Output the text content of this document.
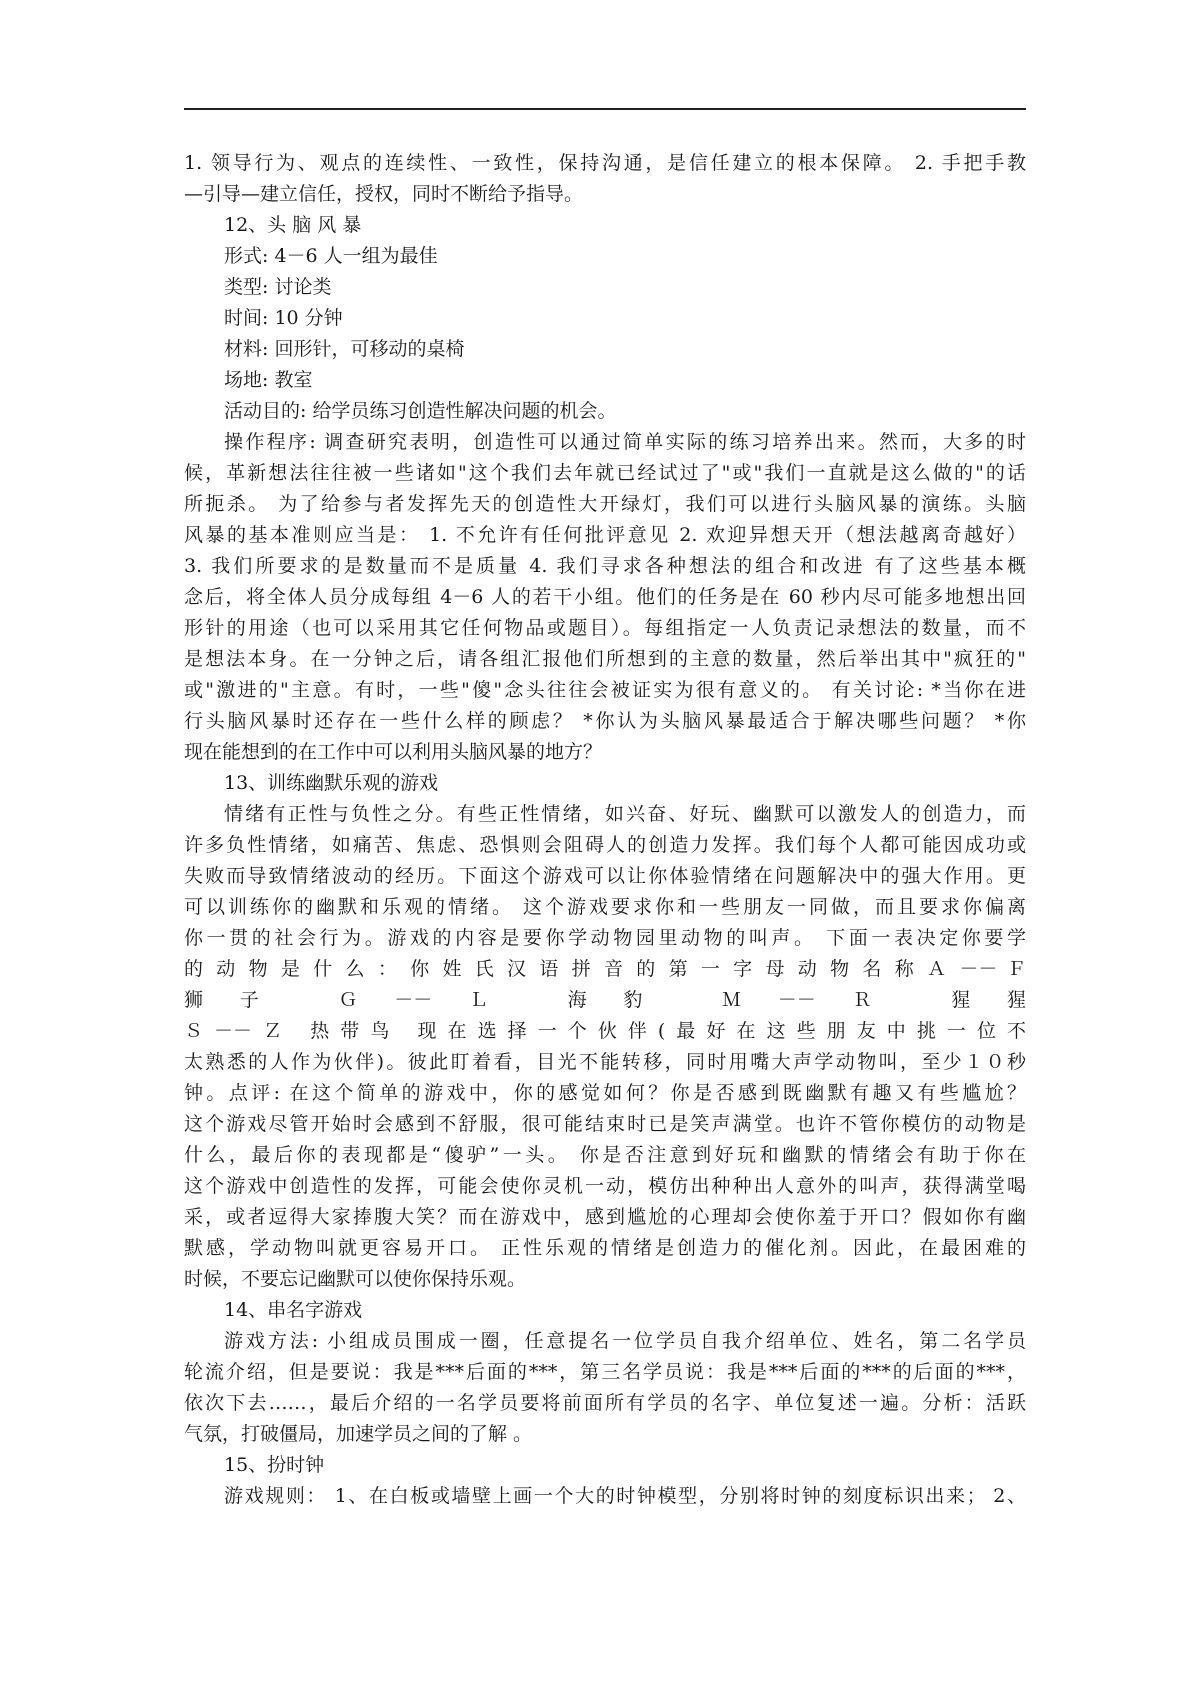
1. 领导行为、观点的连续性、一致性，保持沟通，是信任建立的根本保障。 2. 手把手教
—引导—建立信任，授权，同时不断给予指导。
12、头 脑 风 暴
形式: 4－6 人一组为最佳
类型: 讨论类
时间: 10 分钟
材料: 回形针，可移动的桌椅
场地: 教室
活动目的: 给学员练习创造性解决问题的机会。
操作程序: 调查研究表明，创造性可以通过简单实际的练习培养出来。然而，大多的时
候，革新想法往往被一些诸如"这个我们去年就已经试过了"或"我们一直就是这么做的"的话
所扼杀。 为了给参与者发挥先天的创造性大开绿灯，我们可以进行头脑风暴的演练。头脑
风暴的基本准则应当是： 1. 不允许有任何批评意见 2. 欢迎异想天开（想法越离奇越好）
3. 我们所要求的是数量而不是质量 4. 我们寻求各种想法的组合和改进 有了这些基本概
念后，将全体人员分成每组 4－6 人的若干小组。他们的任务是在 60 秒内尽可能多地想出回
形针的用途（也可以采用其它任何物品或题目）。每组指定一人负责记录想法的数量，而不
是想法本身。在一分钟之后，请各组汇报他们所想到的主意的数量，然后举出其中"疯狂的"
或"激进的"主意。有时，一些"傻"念头往往会被证实为很有意义的。 有关讨论: *当你在进
行头脑风暴时还存在一些什么样的顾虑？ *你认为头脑风暴最适合于解决哪些问题？ *你
现在能想到的在工作中可以利用头脑风暴的地方？
13、训练幽默乐观的游戏
情绪有正性与负性之分。有些正性情绪，如兴奋、好玩、幽默可以激发人的创造力，而
许多负性情绪，如痛苦、焦虑、恐惧则会阻碍人的创造力发挥。我们每个人都可能因成功或
失败而导致情绪波动的经历。下面这个游戏可以让你体验情绪在问题解决中的强大作用。更
可以训练你的幽默和乐观的情绪。 这个游戏要求你和一些朋友一同做，而且要求你偏离
你一贯的社会行为。游戏的内容是要你学动物园里动物的叫声。 下面一表决定你要学
的 动 物 是 什 么 ： 你 姓 氏 汉 语 拼 音 的 第 一 字 母 动 物 名 称 Ａ －－ Ｆ
狮子 Ｇ－－Ｌ 海豹 Ｍ－－Ｒ 猩猩
Ｓ－－Ｚ 热带鸟 现在选择一个伙伴(最好在这些朋友中挑一位不
太熟悉的人作为伙伴)。彼此盯着看，目光不能转移，同时用嘴大声学动物叫，至少１０秒
钟。点评: 在这个简单的游戏中，你的感觉如何？你是否感到既幽默有趣又有些尴尬？
这个游戏尽管开始时会感到不舒服，很可能结束时已是笑声满堂。也许不管你模仿的动物是
什么，最后你的表现都是“傻驴”一头。 你是否注意到好玩和幽默的情绪会有助于你在
这个游戏中创造性的发挥，可能会使你灵机一动，模仿出种种出人意外的叫声，获得满堂喝
采，或者逗得大家捧腹大笑？而在游戏中，感到尴尬的心理却会使你羞于开口？假如你有幽
默感，学动物叫就更容易开口。 正性乐观的情绪是创造力的催化剂。因此，在最困难的
时候，不要忘记幽默可以使你保持乐观。
14、串名字游戏
游戏方法: 小组成员围成一圈，任意提名一位学员自我介绍单位、姓名，第二名学员
轮流介绍，但是要说：我是***后面的***，第三名学员说：我是***后面的***的后面的***，
依次下去……，最后介绍的一名学员要将前面所有学员的名字、单位复述一遍。分析：活跃
气氛，打破僵局，加速学员之间的了解 。
15、扮时钟
游戏规则： 1、在白板或墙壁上画一个大的时钟模型，分别将时钟的刻度标识出来； 2、
